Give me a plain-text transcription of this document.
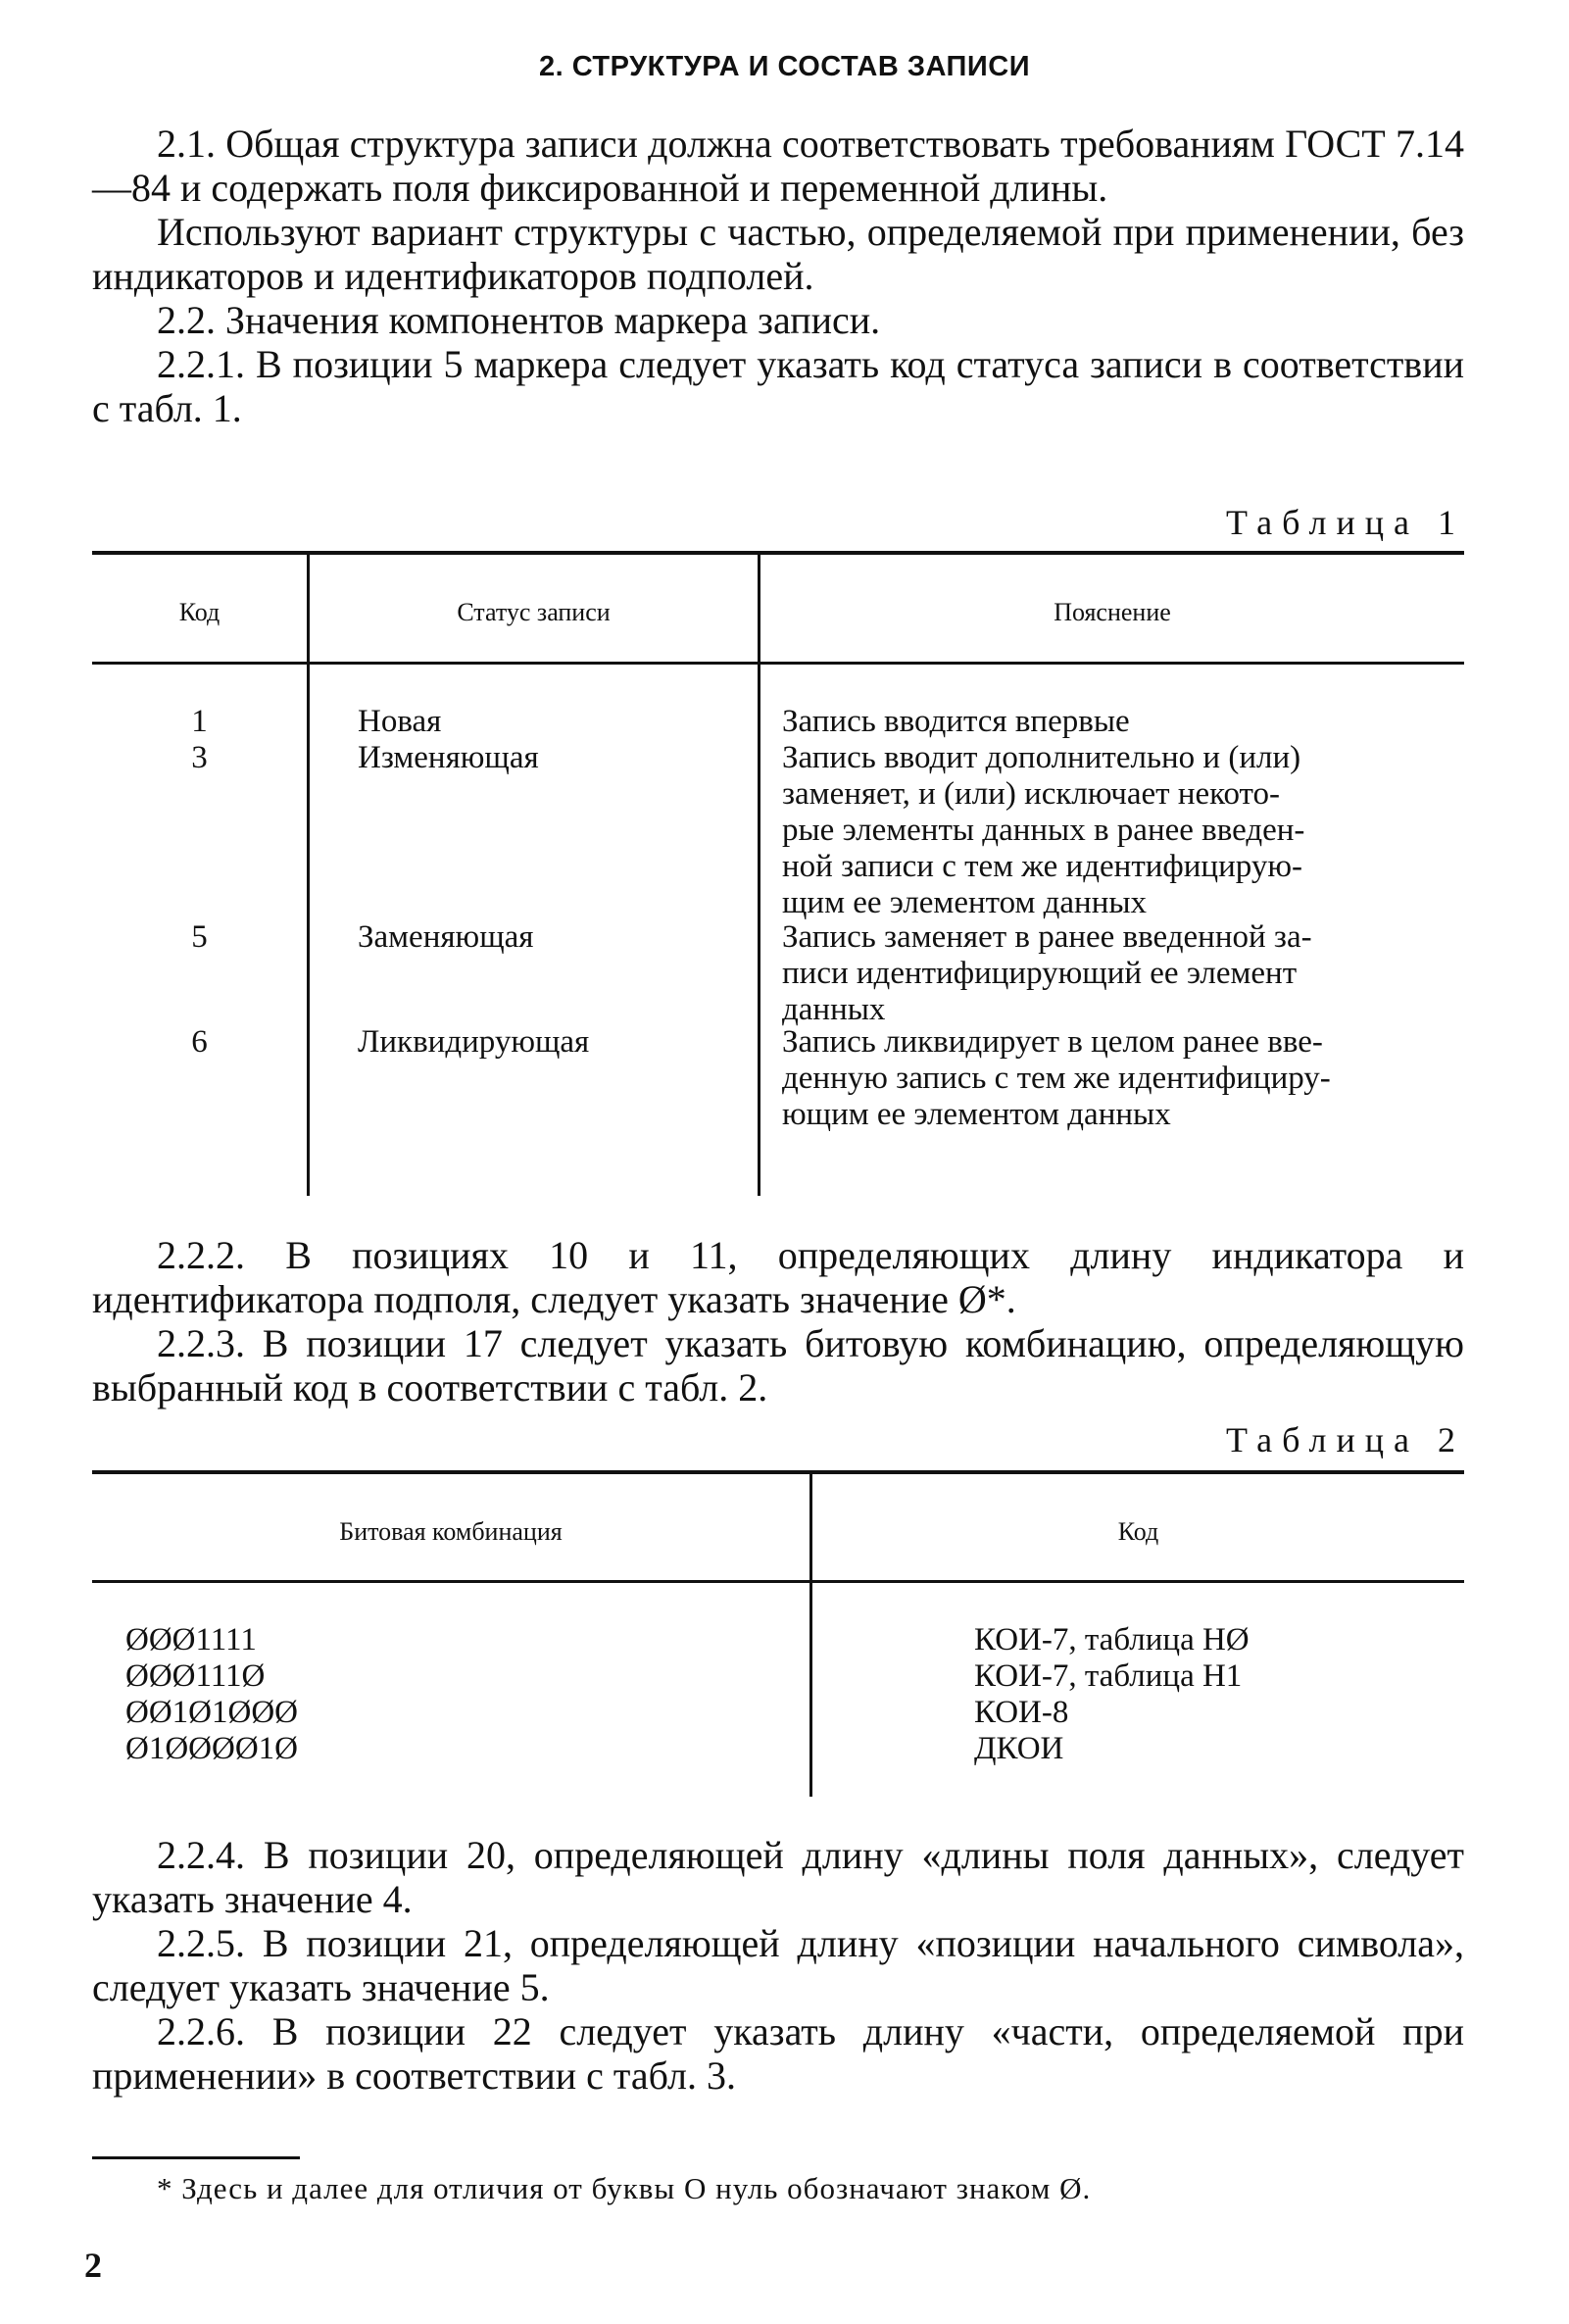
2. СТРУКТУРА И СОСТАВ ЗАПИСИ

2.1. Общая структура записи должна соответствовать требованиям ГОСТ 7.14—84 и содержать поля фиксированной и переменной длины.

Используют вариант структуры с частью, определяемой при применении, без индикаторов и идентификаторов подполей.

2.2. Значения компонентов маркера записи.

2.2.1. В позиции 5 маркера следует указать код статуса записи в соответствии с табл. 1.

Таблица 1
Код	Статус записи	Пояснение
1	Новая	Запись вводится впервые
3	Изменяющая	Запись вводит дополнительно и (или)
заменяет, и (или) исключает некото-
рые элементы данных в ранее введен-
ной записи с тем же идентифицирую-
щим ее элементом данных
5	Заменяющая	Запись заменяет в ранее введенной за-
писи идентифицирующий ее элемент
данных
6	Ликвидирующая	Запись ликвидирует в целом ранее вве-
денную запись с тем же идентифициру-
ющим ее элементом данных

2.2.2. В позициях 10 и 11, определяющих длину индикатора и идентификатора подполя, следует указать значение Ø*.

2.2.3. В позиции 17 следует указать битовую комбинацию, определяющую выбранный код в соответствии с табл. 2.

Таблица 2
Битовая комбинация	Код
ØØØ1111	КОИ-7, таблица НØ
ØØØ111Ø	КОИ-7, таблица Н1
ØØ1Ø1ØØØ	КОИ-8
Ø1ØØØØ1Ø	ДКОИ

2.2.4. В позиции 20, определяющей длину «длины поля данных», следует указать значение 4.

2.2.5. В позиции 21, определяющей длину «позиции начального символа», следует указать значение 5.

2.2.6. В позиции 22 следует указать длину «части, определяемой при применении» в соответствии с табл. 3.

* Здесь и далее для отличия от буквы О нуль обозначают знаком Ø.
2
